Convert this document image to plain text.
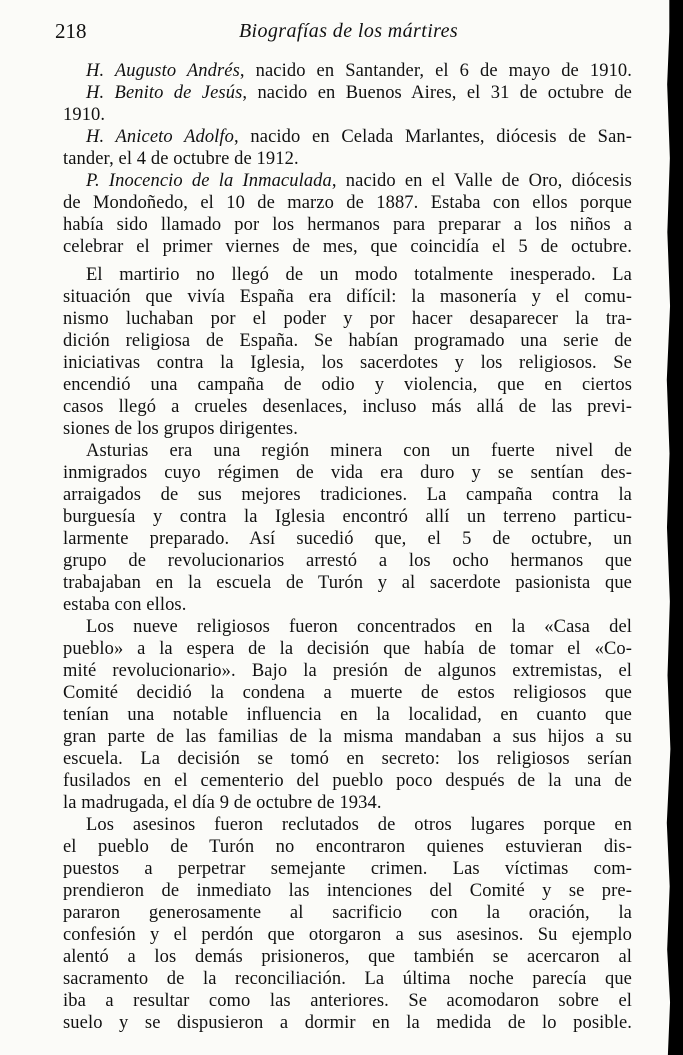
218	Biografías de los mártires
H. Augusto Andrés, nacido en Santander, el 6 de mayo de 1910.
H. Benito de Jesús, nacido en Buenos Aires, el 31 de octubre de
1910.
H. Aniceto Adolfo, nacido en Celada Marlantes, diócesis de San-
tander, el 4 de octubre de 1912.
P. Inocencio de la Inmaculada, nacido en el Valle de Oro, diócesis
de Mondoñedo, el 10 de marzo de 1887. Estaba con ellos porque
había sido llamado por los hermanos para preparar a los niños a
celebrar el primer viernes de mes, que coincidía el 5 de octubre.
El martirio no llegó de un modo totalmente inesperado. La
situación que vivía España era difícil: la masonería y el comu-
nismo luchaban por el poder y por hacer desaparecer la tra-
dición religiosa de España. Se habían programado una serie de
iniciativas contra la Iglesia, los sacerdotes y los religiosos. Se
encendió una campaña de odio y violencia, que en ciertos
casos llegó a crueles desenlaces, incluso más allá de las previ-
siones de los grupos dirigentes.
Asturias era una región minera con un fuerte nivel de
inmigrados cuyo régimen de vida era duro y se sentían des-
arraigados de sus mejores tradiciones. La campaña contra la
burguesía y contra la Iglesia encontró allí un terreno particu-
larmente preparado. Así sucedió que, el 5 de octubre, un
grupo de revolucionarios arrestó a los ocho hermanos que
trabajaban en la escuela de Turón y al sacerdote pasionista que
estaba con ellos.
Los nueve religiosos fueron concentrados en la «Casa del
pueblo» a la espera de la decisión que había de tomar el «Co-
mité revolucionario». Bajo la presión de algunos extremistas, el
Comité decidió la condena a muerte de estos religiosos que
tenían una notable influencia en la localidad, en cuanto que
gran parte de las familias de la misma mandaban a sus hijos a su
escuela. La decisión se tomó en secreto: los religiosos serían
fusilados en el cementerio del pueblo poco después de la una de
la madrugada, el día 9 de octubre de 1934.
Los asesinos fueron reclutados de otros lugares porque en
el pueblo de Turón no encontraron quienes estuvieran dis-
puestos a perpetrar semejante crimen. Las víctimas com-
prendieron de inmediato las intenciones del Comité y se pre-
pararon generosamente al sacrificio con la oración, la
confesión y el perdón que otorgaron a sus asesinos. Su ejemplo
alentó a los demás prisioneros, que también se acercaron al
sacramento de la reconciliación. La última noche parecía que
iba a resultar como las anteriores. Se acomodaron sobre el
suelo y se dispusieron a dormir en la medida de lo posible.
